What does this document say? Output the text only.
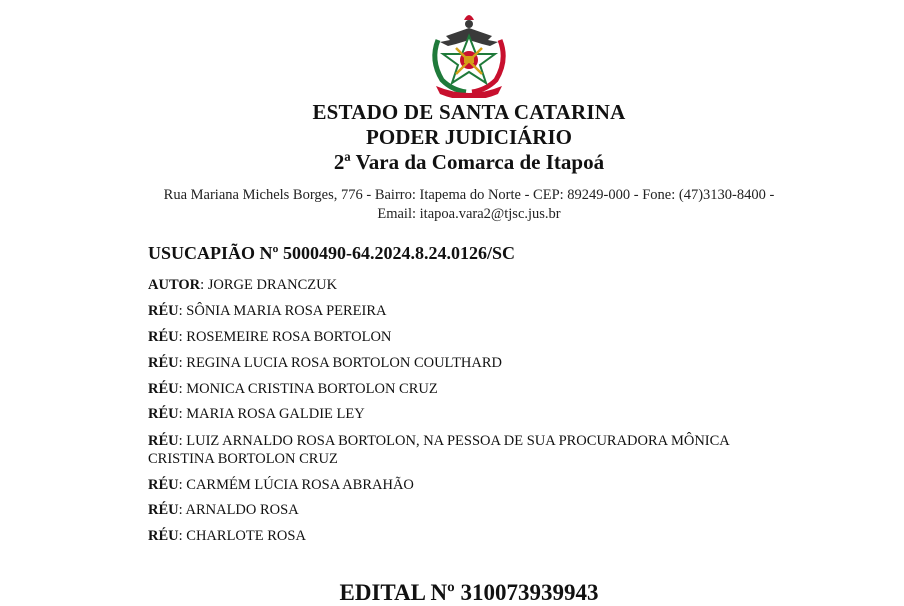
ESTADO DE SANTA CATARINA
PODER JUDICIÁRIO
2ª Vara da Comarca de Itapoá
Rua Mariana Michels Borges, 776 - Bairro: Itapema do Norte - CEP: 89249-000 - Fone: (47)3130-8400 -
Email: itapoa.vara2@tjsc.jus.br
USUCAPIÃO Nº 5000490-64.2024.8.24.0126/SC
AUTOR: JORGE DRANCZUK
RÉU: SÔNIA MARIA ROSA PEREIRA
RÉU: ROSEMEIRE ROSA BORTOLON
RÉU: REGINA LUCIA ROSA BORTOLON COULTHARD
RÉU: MONICA CRISTINA BORTOLON CRUZ
RÉU: MARIA ROSA GALDIE LEY
RÉU: LUIZ ARNALDO ROSA BORTOLON, NA PESSOA DE SUA PROCURADORA MÔNICA CRISTINA BORTOLON CRUZ
RÉU: CARMÉM LÚCIA ROSA ABRAHÃO
RÉU: ARNALDO ROSA
RÉU: CHARLOTE ROSA
EDITAL Nº 310073939943
